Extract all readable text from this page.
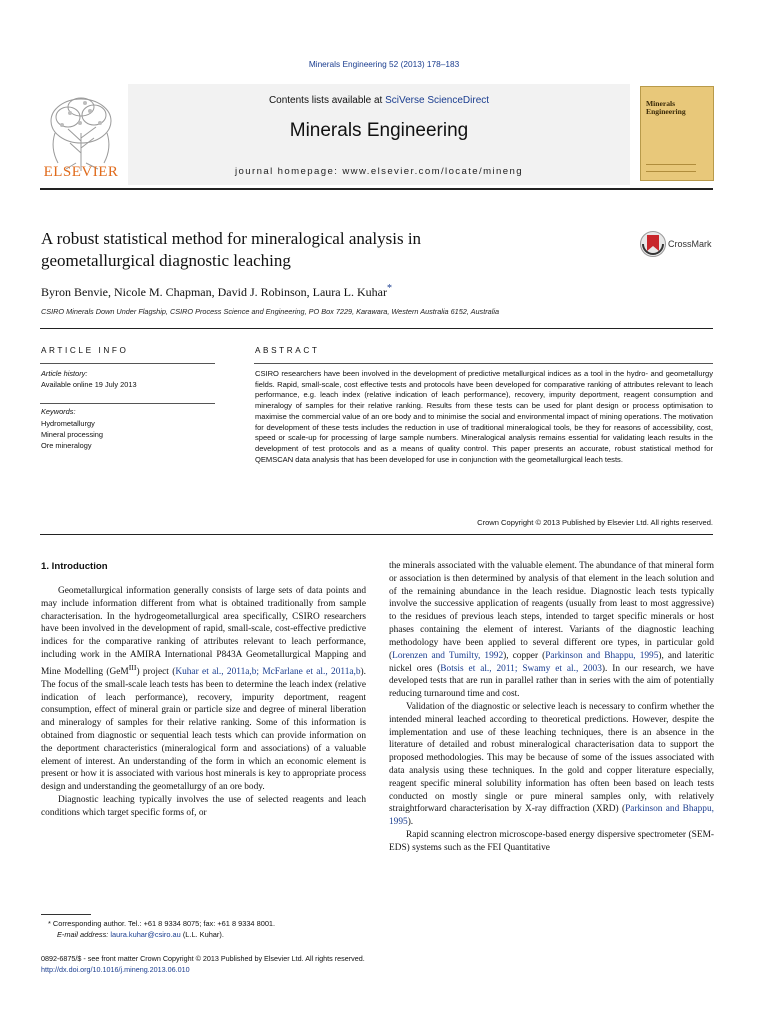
Minerals Engineering 52 (2013) 178–183
ELSEVIER
Contents lists available at SciVerse ScienceDirect
Minerals Engineering
journal homepage: www.elsevier.com/locate/mineng
Minerals Engineering
A robust statistical method for mineralogical analysis in
geometallurgical diagnostic leaching
CrossMark
Byron Benvie, Nicole M. Chapman, David J. Robinson, Laura L. Kuhar*
CSIRO Minerals Down Under Flagship, CSIRO Process Science and Engineering, PO Box 7229, Karawara, Western Australia 6152, Australia
ARTICLE INFO
Article history:
Available online 19 July 2013
Keywords:
Hydrometallurgy
Mineral processing
Ore mineralogy
ABSTRACT
CSIRO researchers have been involved in the development of predictive metallurgical indices as a tool in the hydro- and geometallurgy fields. Rapid, small-scale, cost effective tests and protocols have been developed for comparative ranking of attributes relevant to leach performance, e.g. leach index (relative indication of leach performance), recovery, impurity deportment, reagent consumption and mineralogy of samples for their relative ranking. Results from these tests can be used for plant design or process optimisation to maximise the commercial value of an ore body and to minimise the social and environmental impact of mining operations. The motivation for development of these tests includes the reduction in use of traditional mineralogical tools, be they for reasons of accessibility, cost, speed or scale-up for processing of large sample numbers. Mineralogical analysis remains essential for validating leach results in the development of test protocols and as a means of quality control. This paper presents an accurate, robust statistical method for QEMSCAN data analysis that has been developed for use in conjunction with the geometallurgical leach tests.
Crown Copyright © 2013 Published by Elsevier Ltd. All rights reserved.
1. Introduction

Geometallurgical information generally consists of large sets of data points and may include information different from what is obtained traditionally from sample characterisation. In the hydrogeometallurgical area specifically, CSIRO researchers have been involved in the development of rapid, small-scale, cost-effective predictive indices for the comparative ranking of attributes relevant to leach performance, including work in the AMIRA International P843A Geometallurgical Mapping and Mine Modelling (GeM$^{III}$) project (Kuhar et al., 2011a,b; McFarlane et al., 2011a,b). The focus of the small-scale leach tests has been to determine the leach index (relative indication of leach performance), recovery, impurity deportment, reagent consumption, effect of mineral grain or particle size and degree of mineral liberation and mineralogy of samples for their relative ranking. Some of this information is obtained from diagnostic or sequential leach tests which can provide information on the deportment characteristics (mineralogical form and associations) of a valuable element of interest. An understanding of the form in which an economic element is present or how it is associated with various host minerals is key to appropriate process design and understanding the geometallurgy of an ore body.

Diagnostic leaching typically involves the use of selected reagents and leach conditions which target specific forms of, or

the minerals associated with the valuable element. The abundance of that mineral form or association is then determined by analysis of that element in the leach solution and of the remaining abundance in the leach residue. Diagnostic leach tests typically involve the successive application of reagents (usually from least to most aggressive) to the residues of previous leach steps, intended to target specific minerals or host phases containing the element of interest. Variants of the diagnostic leaching methodology have been applied to several different ore types, in particular gold (Lorenzen and Tumilty, 1992), copper (Parkinson and Bhappu, 1995), and lateritic nickel ores (Botsis et al., 2011; Swamy et al., 2003). In our research, we have developed tests that are run in parallel rather than in series with the aim of potentially reducing turnaround time and cost.

Validation of the diagnostic or selective leach is necessary to confirm whether the intended mineral leached according to theoretical predictions. However, despite the implementation and use of these leaching techniques, there is an absence in the literature of detailed and robust mineralogical characterisation data to support the proposed methodologies. This may be because of some of the issues associated with data analysis using these techniques. In the gold and copper literature especially, reagent specific mineral solubility information has often been based on leach tests conducted on mostly single or pure mineral samples only, with relatively straightforward characterisation by X-ray diffraction (XRD) (Parkinson and Bhappu, 1995).

Rapid scanning electron microscope-based energy dispersive spectrometer (SEM-EDS) systems such as the FEI Quantitative

* Corresponding author. Tel.: +61 8 9334 8075; fax: +61 8 9334 8001.
E-mail address: laura.kuhar@csiro.au (L.L. Kuhar).
0892-6875/$ - see front matter Crown Copyright © 2013 Published by Elsevier Ltd. All rights reserved.
http://dx.doi.org/10.1016/j.mineng.2013.06.010
